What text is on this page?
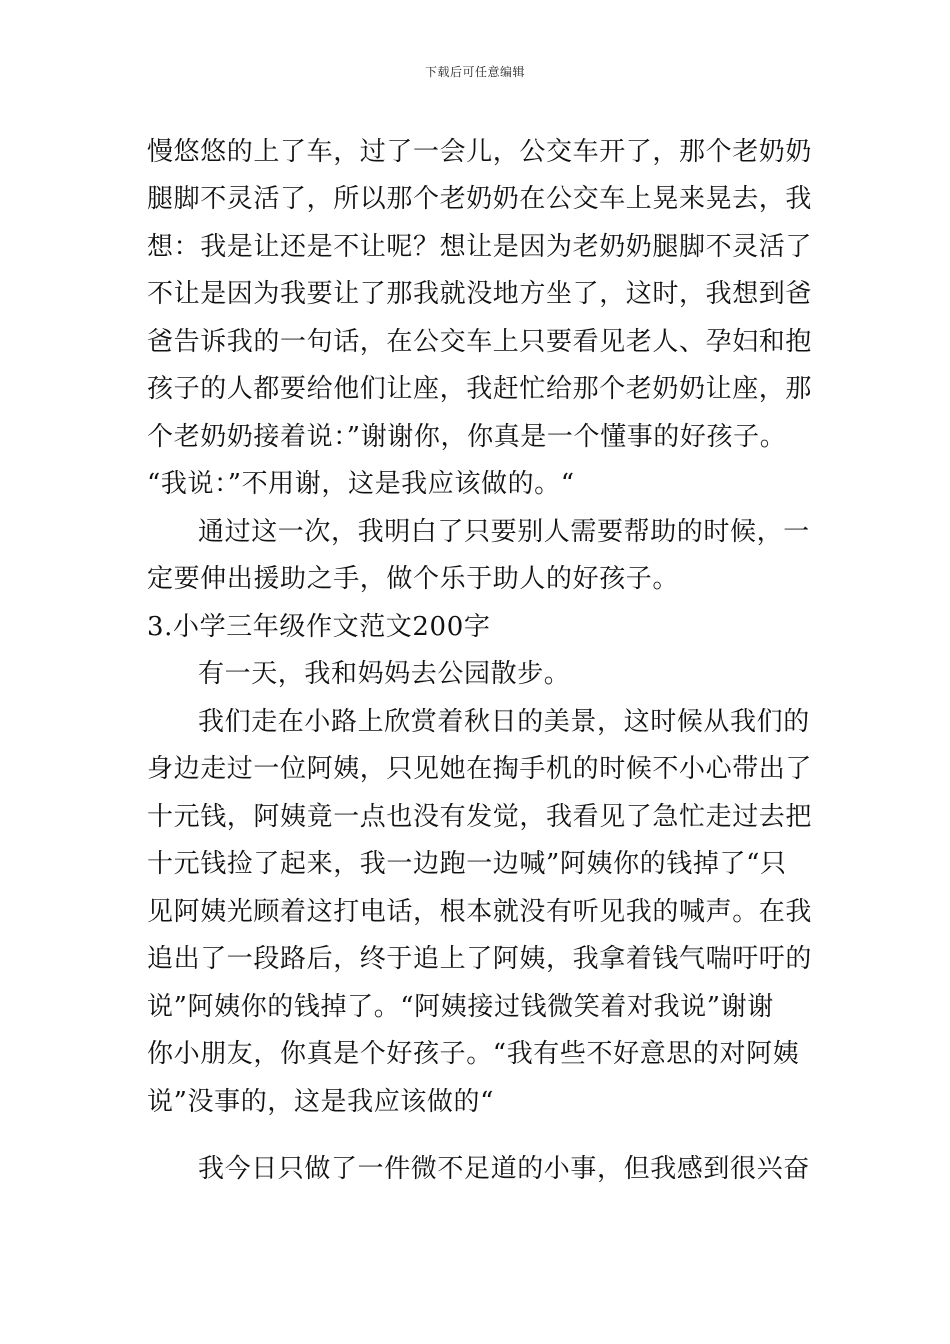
下载后可任意编辑
慢悠悠的上了车，过了一会儿，公交车开了，那个老奶奶
腿脚不灵活了，所以那个老奶奶在公交车上晃来晃去，我
想：我是让还是不让呢？想让是因为老奶奶腿脚不灵活了
不让是因为我要让了那我就没地方坐了，这时，我想到爸
爸告诉我的一句话，在公交车上只要看见老人、孕妇和抱
孩子的人都要给他们让座，我赶忙给那个老奶奶让座，那
个老奶奶接着说：”谢谢你，你真是一个懂事的好孩子。
“我说：”不用谢，这是我应该做的。“
通过这一次，我明白了只要别人需要帮助的时候，一
定要伸出援助之手，做个乐于助人的好孩子。
3.小学三年级作文范文200字
有一天，我和妈妈去公园散步。
我们走在小路上欣赏着秋日的美景，这时候从我们的
身边走过一位阿姨，只见她在掏手机的时候不小心带出了
十元钱，阿姨竟一点也没有发觉，我看见了急忙走过去把
十元钱捡了起来，我一边跑一边喊”阿姨你的钱掉了“只
见阿姨光顾着这打电话，根本就没有听见我的喊声。在我
追出了一段路后，终于追上了阿姨，我拿着钱气喘吁吁的
说”阿姨你的钱掉了。“阿姨接过钱微笑着对我说”谢谢
你小朋友，你真是个好孩子。“我有些不好意思的对阿姨
说”没事的，这是我应该做的“
我今日只做了一件微不足道的小事，但我感到很兴奋
